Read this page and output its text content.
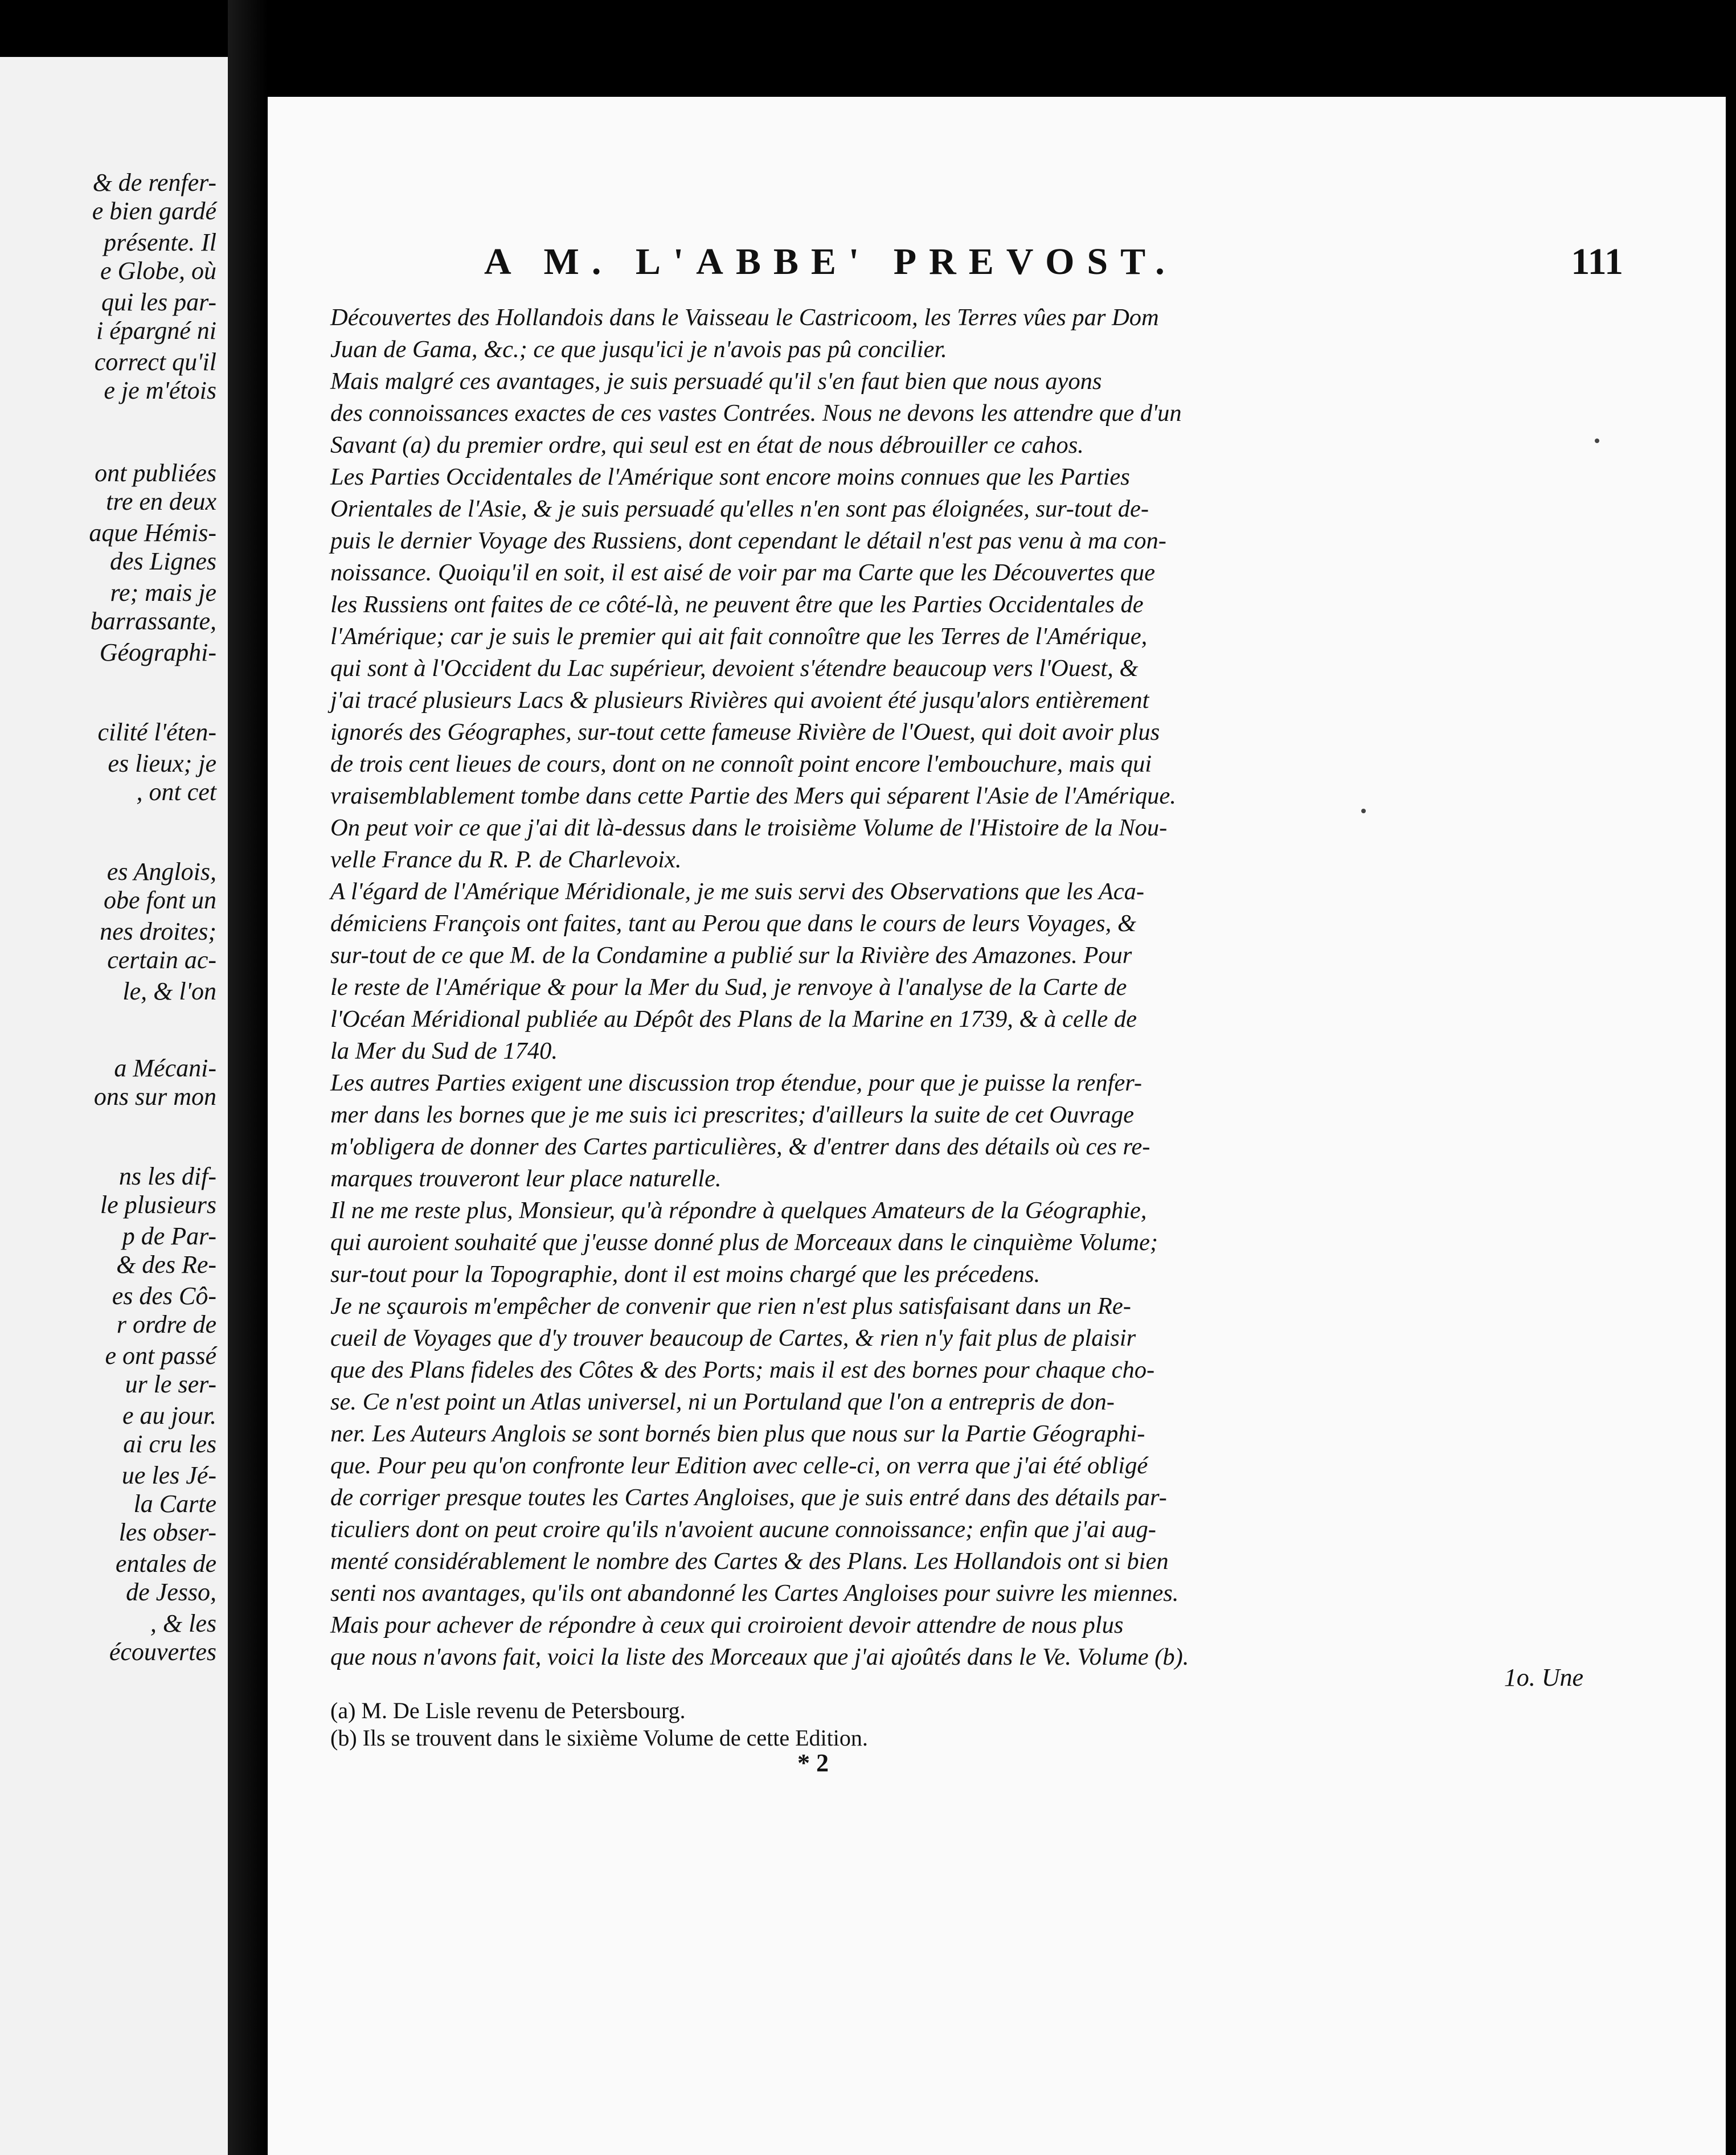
& de renfer-
e bien gardé
présente. Il
e Globe, où
qui les par-
i épargné ni
correct qu'il
e je m'étois
ont publiées
tre en deux
aque Hémis-
des Lignes
re; mais je
barrassante,
Géographi-
cilité l'éten-
es lieux; je
, ont cet
es Anglois,
obe font un
nes droites;
certain ac-
le, & l'on
a Mécani-
ons sur mon
ns les dif-
le plusieurs
p de Par-
& des Re-
es des Cô-
r ordre de
e ont passé
ur le ser-
e au jour.
ai cru les
ue les Jé-
la Carte
les obser-
entales de
de Jesso,
, & les
écouvertes
A M. L'ABBE' PREVOST.	111
1o. Une
(a) M. De Lisle revenu de Petersbourg.
(b) Ils se trouvent dans le sixième Volume de cette Edition.
* 2
Découvertes des Hollandois dans le Vaisseau le Castricoom, les Terres vûes par Dom
Juan de Gama, &c.; ce que jusqu'ici je n'avois pas pû concilier.
Mais malgré ces avantages, je suis persuadé qu'il s'en faut bien que nous ayons
des connoissances exactes de ces vastes Contrées. Nous ne devons les attendre que d'un
Savant (a) du premier ordre, qui seul est en état de nous débrouiller ce cahos.
Les Parties Occidentales de l'Amérique sont encore moins connues que les Parties
Orientales de l'Asie, & je suis persuadé qu'elles n'en sont pas éloignées, sur-tout de-
puis le dernier Voyage des Russiens, dont cependant le détail n'est pas venu à ma con-
noissance. Quoiqu'il en soit, il est aisé de voir par ma Carte que les Découvertes que
les Russiens ont faites de ce côté-là, ne peuvent être que les Parties Occidentales de
l'Amérique; car je suis le premier qui ait fait connoître que les Terres de l'Amérique,
qui sont à l'Occident du Lac supérieur, devoient s'étendre beaucoup vers l'Ouest, &
j'ai tracé plusieurs Lacs & plusieurs Rivières qui avoient été jusqu'alors entièrement
ignorés des Géographes, sur-tout cette fameuse Rivière de l'Ouest, qui doit avoir plus
de trois cent lieues de cours, dont on ne connoît point encore l'embouchure, mais qui
vraisemblablement tombe dans cette Partie des Mers qui séparent l'Asie de l'Amérique.
On peut voir ce que j'ai dit là-dessus dans le troisième Volume de l'Histoire de la Nou-
velle France du R. P. de Charlevoix.
A l'égard de l'Amérique Méridionale, je me suis servi des Observations que les Aca-
démiciens François ont faites, tant au Perou que dans le cours de leurs Voyages, &
sur-tout de ce que M. de la Condamine a publié sur la Rivière des Amazones. Pour
le reste de l'Amérique & pour la Mer du Sud, je renvoye à l'analyse de la Carte de
l'Océan Méridional publiée au Dépôt des Plans de la Marine en 1739, & à celle de
la Mer du Sud de 1740.
Les autres Parties exigent une discussion trop étendue, pour que je puisse la renfer-
mer dans les bornes que je me suis ici prescrites; d'ailleurs la suite de cet Ouvrage
m'obligera de donner des Cartes particulières, & d'entrer dans des détails où ces re-
marques trouveront leur place naturelle.
Il ne me reste plus, Monsieur, qu'à répondre à quelques Amateurs de la Géographie,
qui auroient souhaité que j'eusse donné plus de Morceaux dans le cinquième Volume;
sur-tout pour la Topographie, dont il est moins chargé que les précedens.
Je ne sçaurois m'empêcher de convenir que rien n'est plus satisfaisant dans un Re-
cueil de Voyages que d'y trouver beaucoup de Cartes, & rien n'y fait plus de plaisir
que des Plans fideles des Côtes & des Ports; mais il est des bornes pour chaque cho-
se. Ce n'est point un Atlas universel, ni un Portuland que l'on a entrepris de don-
ner. Les Auteurs Anglois se sont bornés bien plus que nous sur la Partie Géographi-
que. Pour peu qu'on confronte leur Edition avec celle-ci, on verra que j'ai été obligé
de corriger presque toutes les Cartes Angloises, que je suis entré dans des détails par-
ticuliers dont on peut croire qu'ils n'avoient aucune connoissance; enfin que j'ai aug-
menté considérablement le nombre des Cartes & des Plans. Les Hollandois ont si bien
senti nos avantages, qu'ils ont abandonné les Cartes Angloises pour suivre les miennes.
Mais pour achever de répondre à ceux qui croiroient devoir attendre de nous plus
que nous n'avons fait, voici la liste des Morceaux que j'ai ajoûtés dans le Ve. Volume (b).
